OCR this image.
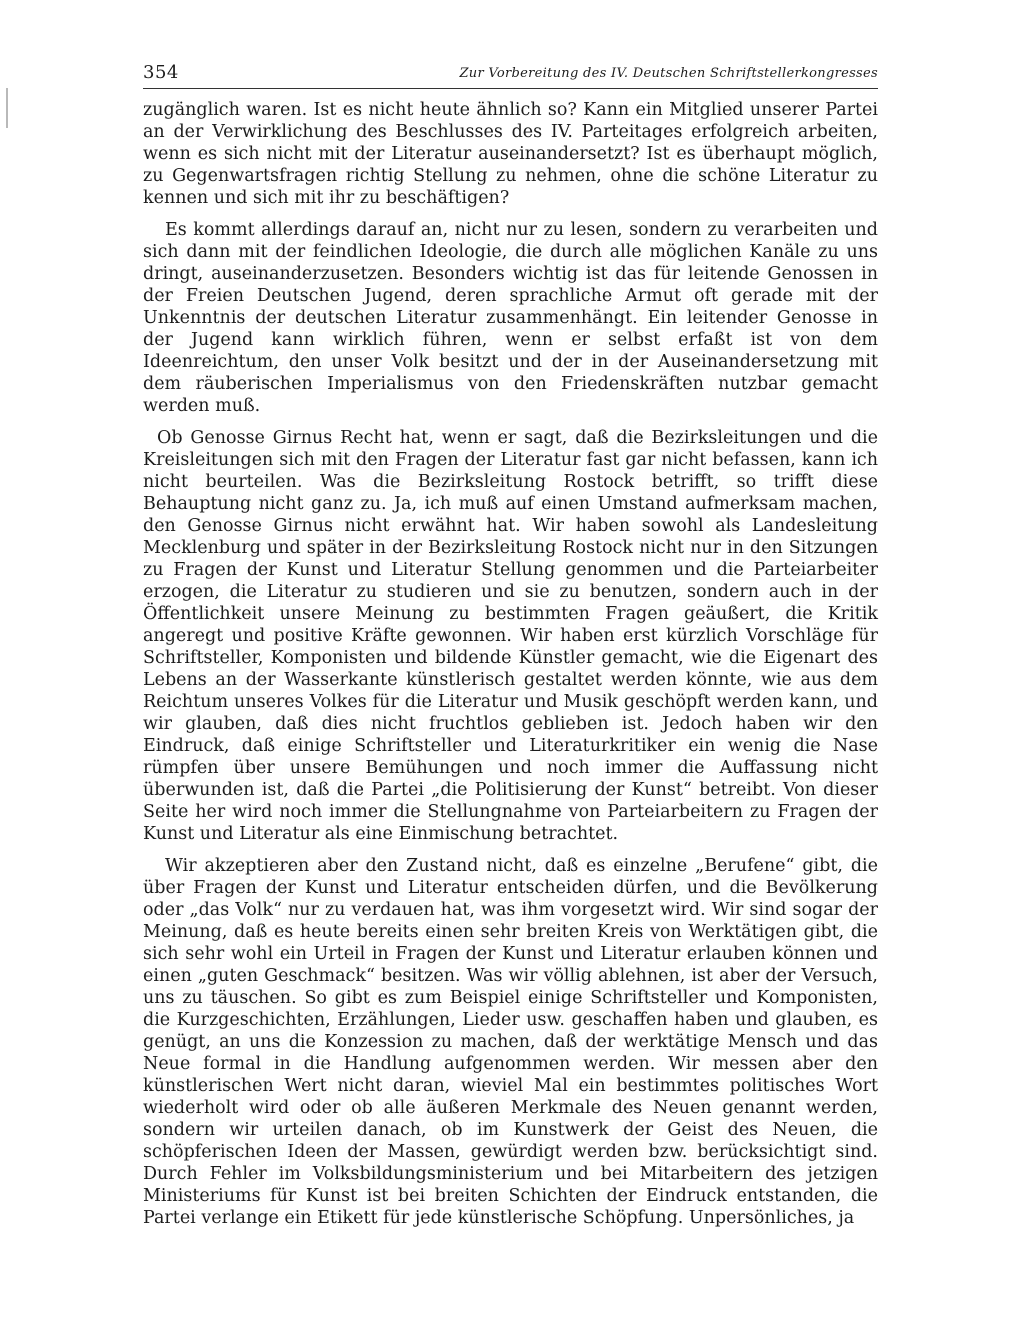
354	Zur Vorbereitung des IV. Deutschen Schriftstellerkongresses

zugänglich waren. Ist es nicht heute ähnlich so? Kann ein Mitglied unserer Partei an der Verwirklichung des Beschlusses des IV. Parteitages erfolgreich arbeiten, wenn es sich nicht mit der Literatur auseinandersetzt? Ist es überhaupt möglich, zu Gegenwartsfragen richtig Stellung zu nehmen, ohne die schöne Literatur zu kennen und sich mit ihr zu beschäftigen?

Es kommt allerdings darauf an, nicht nur zu lesen, sondern zu verarbeiten und sich dann mit der feindlichen Ideologie, die durch alle möglichen Kanäle zu uns dringt, auseinanderzusetzen. Besonders wichtig ist das für leitende Genossen in der Freien Deutschen Jugend, deren sprachliche Armut oft gerade mit der Unkenntnis der deutschen Literatur zusammenhängt. Ein leitender Genosse in der Jugend kann wirklich führen, wenn er selbst erfaßt ist von dem Ideenreichtum, den unser Volk besitzt und der in der Auseinandersetzung mit dem räuberischen Imperialismus von den Friedenskräften nutzbar gemacht werden muß.

Ob Genosse Girnus Recht hat, wenn er sagt, daß die Bezirksleitungen und die Kreisleitungen sich mit den Fragen der Literatur fast gar nicht befassen, kann ich nicht beurteilen. Was die Bezirksleitung Rostock betrifft, so trifft diese Behauptung nicht ganz zu. Ja, ich muß auf einen Umstand aufmerksam machen, den Genosse Girnus nicht erwähnt hat. Wir haben sowohl als Landesleitung Mecklenburg und später in der Bezirksleitung Rostock nicht nur in den Sitzungen zu Fragen der Kunst und Literatur Stellung genommen und die Parteiarbeiter erzogen, die Literatur zu studieren und sie zu benutzen, sondern auch in der Öffentlichkeit unsere Meinung zu bestimmten Fragen geäußert, die Kritik angeregt und positive Kräfte gewonnen. Wir haben erst kürzlich Vorschläge für Schriftsteller, Komponisten und bildende Künstler gemacht, wie die Eigenart des Lebens an der Wasserkante künstlerisch gestaltet werden könnte, wie aus dem Reichtum unseres Volkes für die Literatur und Musik geschöpft werden kann, und wir glauben, daß dies nicht fruchtlos geblieben ist. Jedoch haben wir den Eindruck, daß einige Schriftsteller und Literaturkritiker ein wenig die Nase rümpfen über unsere Bemühungen und noch immer die Auffassung nicht überwunden ist, daß die Partei „die Politisierung der Kunst“ betreibt. Von dieser Seite her wird noch immer die Stellungnahme von Parteiarbeitern zu Fragen der Kunst und Literatur als eine Einmischung betrachtet.

Wir akzeptieren aber den Zustand nicht, daß es einzelne „Berufene“ gibt, die über Fragen der Kunst und Literatur entscheiden dürfen, und die Bevölkerung oder „das Volk“ nur zu verdauen hat, was ihm vorgesetzt wird. Wir sind sogar der Meinung, daß es heute bereits einen sehr breiten Kreis von Werktätigen gibt, die sich sehr wohl ein Urteil in Fragen der Kunst und Literatur erlauben können und einen „guten Geschmack“ besitzen. Was wir völlig ablehnen, ist aber der Versuch, uns zu täuschen. So gibt es zum Beispiel einige Schriftsteller und Komponisten, die Kurzgeschichten, Erzählungen, Lieder usw. geschaffen haben und glauben, es genügt, an uns die Konzession zu machen, daß der werktätige Mensch und das Neue formal in die Handlung aufgenommen werden. Wir messen aber den künstlerischen Wert nicht daran, wieviel Mal ein bestimmtes politisches Wort wiederholt wird oder ob alle äußeren Merkmale des Neuen genannt werden, sondern wir urteilen danach, ob im Kunstwerk der Geist des Neuen, die schöpferischen Ideen der Massen, gewürdigt werden bzw. berücksichtigt sind. Durch Fehler im Volksbildungsministerium und bei Mitarbeitern des jetzigen Ministeriums für Kunst ist bei breiten Schichten der Eindruck entstanden, die Partei verlange ein Etikett für jede künstlerische Schöpfung. Unpersönliches, ja
